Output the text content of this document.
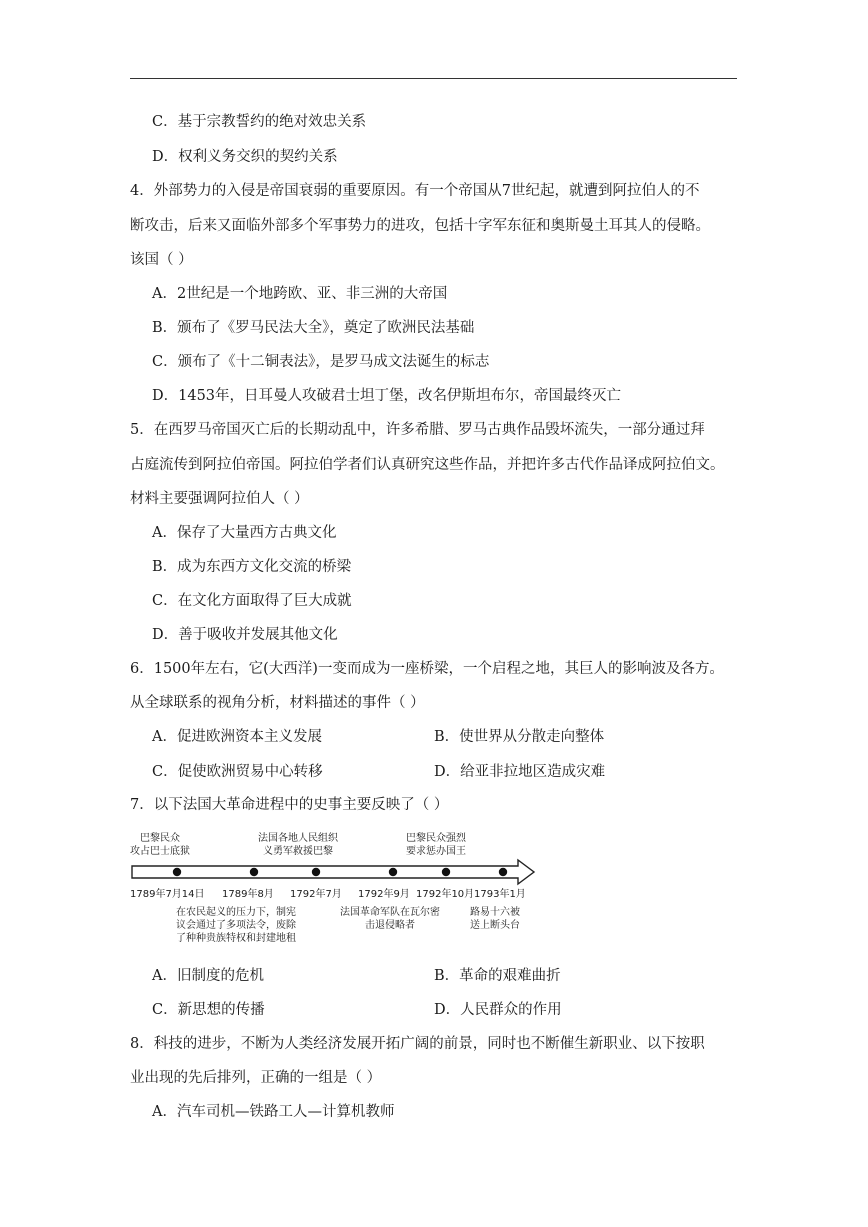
C．基于宗教誓约的绝对效忠关系
D．权利义务交织的契约关系
4．外部势力的入侵是帝国衰弱的重要原因。有一个帝国从7世纪起，就遭到阿拉伯人的不
断攻击，后来又面临外部多个军事势力的进攻，包括十字军东征和奥斯曼土耳其人的侵略。
该国（ ）
A．2世纪是一个地跨欧、亚、非三洲的大帝国
B．颁布了《罗马民法大全》，奠定了欧洲民法基础
C．颁布了《十二铜表法》，是罗马成文法诞生的标志
D．1453年，日耳曼人攻破君士坦丁堡，改名伊斯坦布尔，帝国最终灭亡
5．在西罗马帝国灭亡后的长期动乱中，许多希腊、罗马古典作品毁坏流失，一部分通过拜
占庭流传到阿拉伯帝国。阿拉伯学者们认真研究这些作品，并把许多古代作品译成阿拉伯文。
材料主要强调阿拉伯人（ ）
A．保存了大量西方古典文化
B．成为东西方文化交流的桥梁
C．在文化方面取得了巨大成就
D．善于吸收并发展其他文化
6．1500年左右，它(大西洋)一变而成为一座桥梁，一个启程之地，其巨人的影响波及各方。
从全球联系的视角分析，材料描述的事件（ ）
A．促进欧洲资本主义发展	B．使世界从分散走向整体
C．促使欧洲贸易中心转移	D．给亚非拉地区造成灾难
7．以下法国大革命进程中的史事主要反映了（ ）
巴黎民众
攻占巴士底狱
法国各地人民组织
义勇军救援巴黎
巴黎民众强烈
要求惩办国王
1789年7月14日 1789年8月 1792年7月 1792年9月 1792年10月 1793年1月
在农民起义的压力下，制宪
议会通过了多项法令，废除
了种种贵族特权和封建地租
法国革命军队在瓦尔密
击退侵略者
路易十六被
送上断头台
A．旧制度的危机	B．革命的艰难曲折
C．新思想的传播	D．人民群众的作用
8．科技的进步，不断为人类经济发展开拓广阔的前景，同时也不断催生新职业、以下按职
业出现的先后排列，正确的一组是（ ）
A．汽车司机—铁路工人—计算机教师
